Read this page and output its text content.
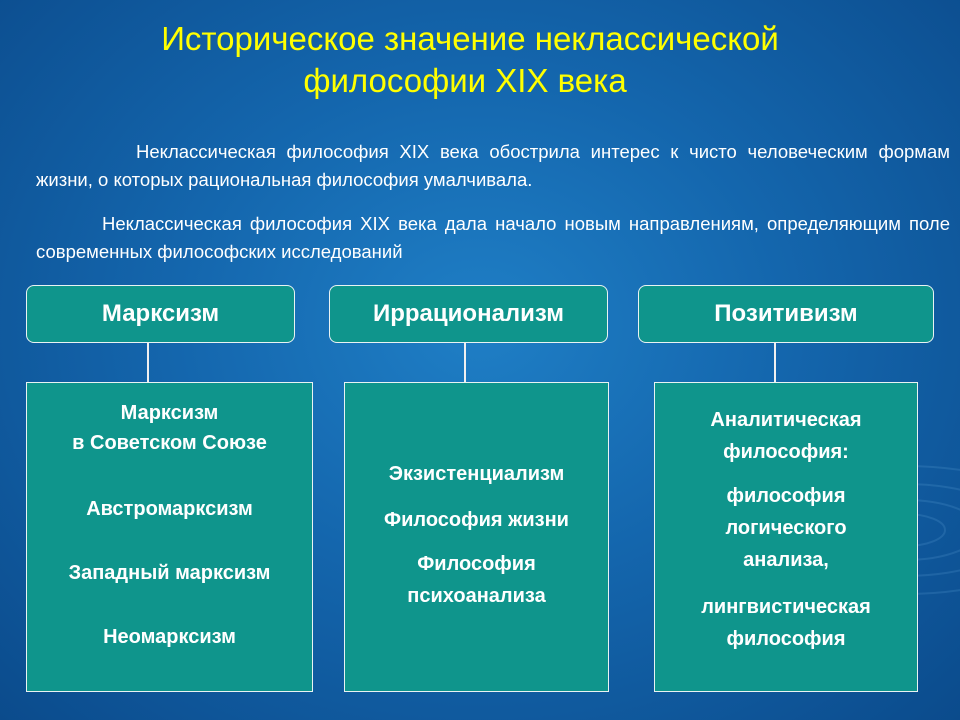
Историческое значение неклассической
философии XIX века
Неклассическая философия XIX века обострила интерес к чисто человеческим формам жизни, о которых рациональная философия умалчивала.
Неклассическая философия XIX века дала начало новым направлениям, определяющим поле современных философских исследований
Марксизм	Иррационализм	Позитивизм
Марксизм
в Советском Союзе
Австромарксизм
Западный марксизм
Неомарксизм
Экзистенциализм
Философия жизни
Философия
психоанализа
Аналитическая
философия:
философия
логического
анализа,
лингвистическая
философия
